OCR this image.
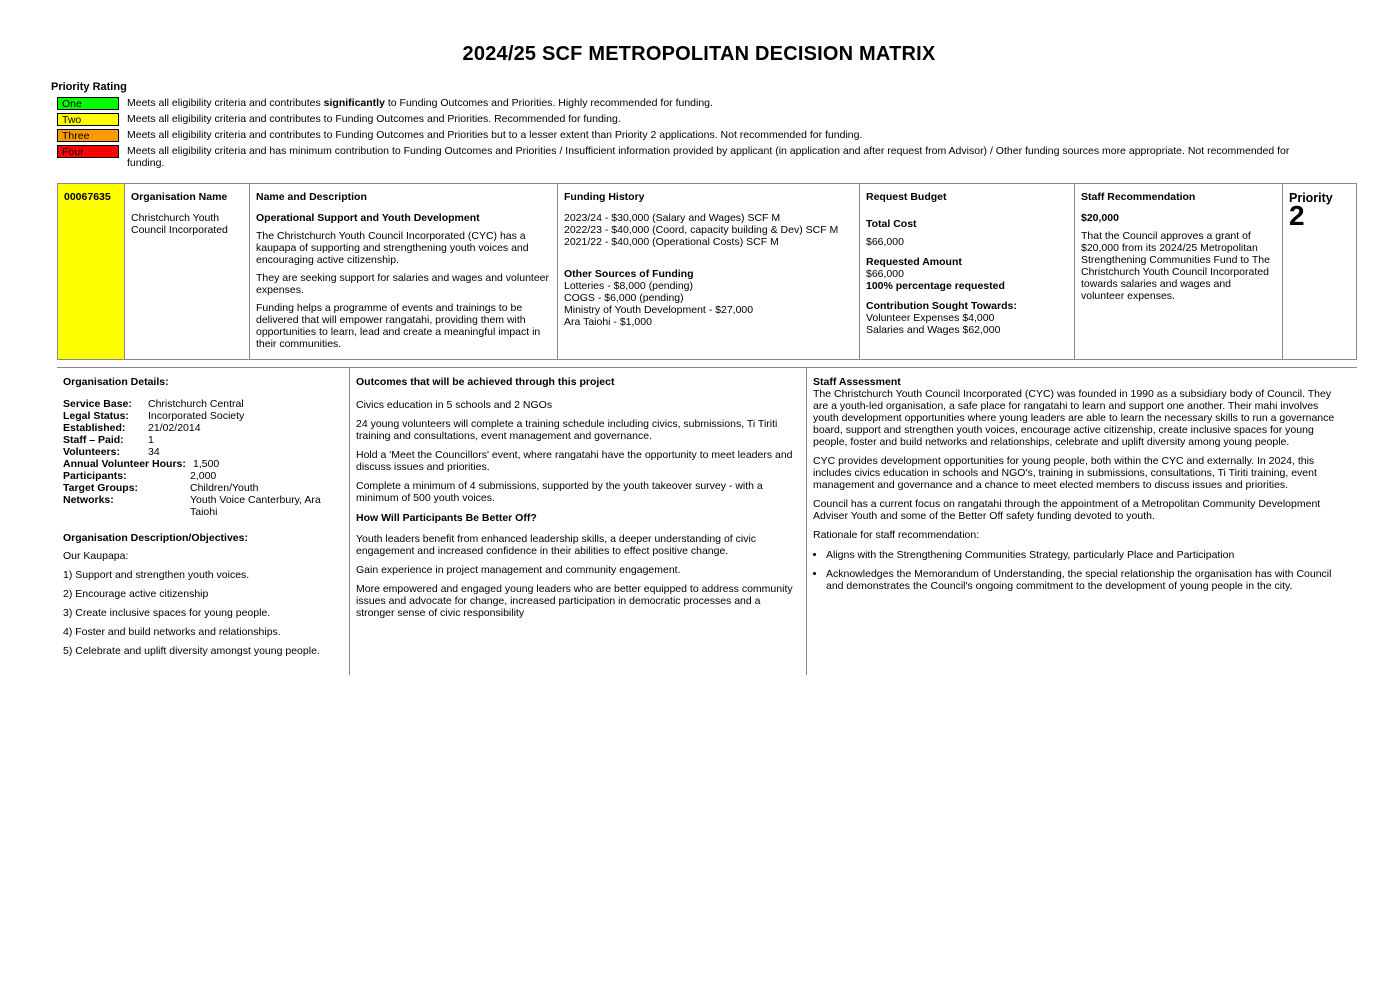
2024/25 SCF METROPOLITAN DECISION MATRIX
Priority Rating
One	Meets all eligibility criteria and contributes significantly to Funding Outcomes and Priorities. Highly recommended for funding.
Two	Meets all eligibility criteria and contributes to Funding Outcomes and Priorities. Recommended for funding.
Three	Meets all eligibility criteria and contributes to Funding Outcomes and Priorities but to a lesser extent than Priority 2 applications. Not recommended for funding.
Four	Meets all eligibility criteria and has minimum contribution to Funding Outcomes and Priorities / Insufficient information provided by applicant (in application and after request from Advisor) / Other funding sources more appropriate. Not recommended for funding.
00067635	Organisation Name
Christchurch Youth Council Incorporated
Name and Description
Operational Support and Youth Development

The Christchurch Youth Council Incorporated (CYC) has a kaupapa of supporting and strengthening youth voices and encouraging active citizenship.

They are seeking support for salaries and wages and volunteer expenses.

Funding helps a programme of events and trainings to be delivered that will empower rangatahi, providing them with opportunities to learn, lead and create a meaningful impact in their communities.

Funding History
2023/24 - $30,000 (Salary and Wages) SCF M
2022/23 - $40,000 (Coord, capacity building & Dev) SCF M
2021/22 - $40,000 (Operational Costs) SCF M
Other Sources of Funding
Lotteries - $8,000 (pending)
COGS - $6,000 (pending)
Ministry of Youth Development - $27,000
Ara Taiohi - $1,000
Request Budget
Total Cost
$66,000
Requested Amount
$66,000
100% percentage requested
Contribution Sought Towards:
Volunteer Expenses $4,000
Salaries and Wages $62,000
Staff Recommendation
$20,000

That the Council approves a grant of $20,000 from its 2024/25 Metropolitan Strengthening Communities Fund to The Christchurch Youth Council Incorporated towards salaries and wages and volunteer expenses.

Priority
2
Organisation Details:
Service Base:	Christchurch Central
Legal Status:	Incorporated Society
Established:	21/02/2014
Staff – Paid:	1
Volunteers:	34
Annual Volunteer Hours: 1,500
Participants:	2,000
Target Groups:	Children/Youth
Networks:	Youth Voice Canterbury, Ara Taiohi
Organisation Description/Objectives:

Our Kaupapa:

1) Support and strengthen youth voices.

2) Encourage active citizenship

3) Create inclusive spaces for young people.

4) Foster and build networks and relationships.

5) Celebrate and uplift diversity amongst young people.

Outcomes that will be achieved through this project

Civics education in 5 schools and 2 NGOs

24 young volunteers will complete a training schedule including civics, submissions, Ti Tiriti training and consultations, event management and governance.

Hold a 'Meet the Councillors' event, where rangatahi have the opportunity to meet leaders and discuss issues and priorities.

Complete a minimum of 4 submissions, supported by the youth takeover survey - with a minimum of 500 youth voices.

How Will Participants Be Better Off?

Youth leaders benefit from enhanced leadership skills, a deeper understanding of civic engagement and increased confidence in their abilities to effect positive change.

Gain experience in project management and community engagement.

More empowered and engaged young leaders who are better equipped to address community issues and advocate for change, increased participation in democratic processes and a stronger sense of civic responsibility

Staff Assessment

The Christchurch Youth Council Incorporated (CYC) was founded in 1990 as a subsidiary body of Council. They are a youth-led organisation, a safe place for rangatahi to learn and support one another. Their mahi involves youth development opportunities where young leaders are able to learn the necessary skills to run a governance board, support and strengthen youth voices, encourage active citizenship, create inclusive spaces for young people, foster and build networks and relationships, celebrate and uplift diversity among young people.

CYC provides development opportunities for young people, both within the CYC and externally. In 2024, this includes civics education in schools and NGO's, training in submissions, consultations, Ti Tiriti training, event management and governance and a chance to meet elected members to discuss issues and priorities.

Council has a current focus on rangatahi through the appointment of a Metropolitan Community Development Adviser Youth and some of the Better Off safety funding devoted to youth.

Rationale for staff recommendation:

• Aligns with the Strengthening Communities Strategy, particularly Place and Participation
• Acknowledges the Memorandum of Understanding, the special relationship the organisation has with Council and demonstrates the Council's ongoing commitment to the development of young people in the city.
